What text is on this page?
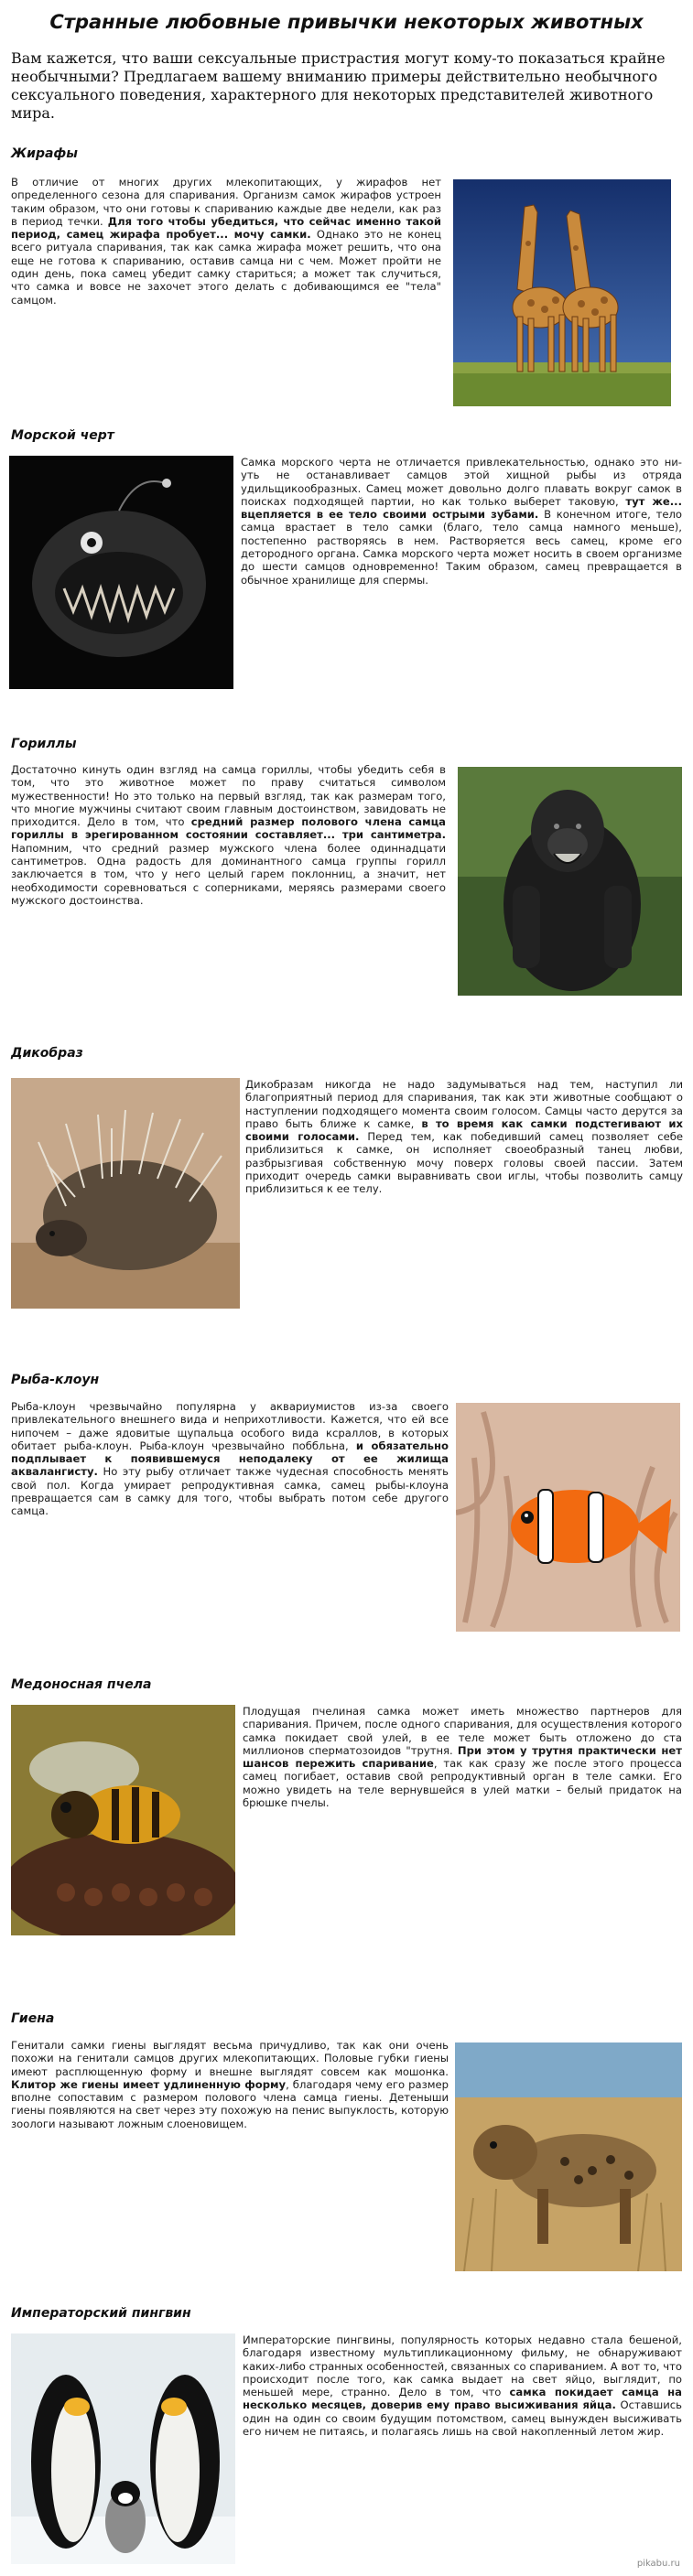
Странные любовные привычки некоторых животных
Вам кажется, что ваши сексуальные пристрастия могут кому-то показаться крайне необычными? Предлагаем вашему вниманию примеры действительно необычного сексуального поведения, характерного для некоторых представителей животного мира.
Жирафы
В отличие от многих других млекопитающих, у жирафов нет определенного сезона для спаривания. Организм самок жирафов устроен таким образом, что они готовы к спариванию каждые две недели, как раз в период течки. Для того чтобы убедиться, что сейчас именно такой период, самец жирафа пробует... мочу самки. Однако это не конец всего ритуала спаривания, так как самка жирафа может решить, что она еще не готова к спариванию, оставив самца ни с чем. Может пройти не один день, пока самец убедит самку стариться; а может так случиться, что самка и вовсе не захочет этого делать с добивающимся ее "тела" самцом.
Морской черт
Самка морского черта не отличается привлекательностью, однако это ни-уть не останавливает самцов этой хищной рыбы из отряда удильщикообразных. Самец может довольно долго плавать вокруг самок в поисках подходящей партии, но как только выберет таковую, тут же... вцепляется в ее тело своими острыми зубами. В конечном итоге, тело самца врастает в тело самки (благо, тело самца намного меньше), постепенно растворяясь в нем. Растворяется весь самец, кроме его детородного органа. Самка морского черта может носить в своем организме до шести самцов одновременно! Таким образом, самец превращается в обычное хранилище для спермы.
Гориллы
Достаточно кинуть один взгляд на самца гориллы, чтобы убедить себя в том, что это животное может по праву считаться символом мужественности! Но это только на первый взгляд, так как размерам того, что многие мужчины считают своим главным достоинством, завидовать не приходится. Дело в том, что средний размер полового члена самца гориллы в эрегированном состоянии составляет... три сантиметра. Напомним, что средний размер мужского члена более одиннадцати сантиметров. Одна радость для доминантного самца группы горилл заключается в том, что у него целый гарем поклонниц, а значит, нет необходимости соревноваться с соперниками, меряясь размерами своего мужского достоинства.
Дикобраз
Дикобразам никогда не надо задумываться над тем, наступил ли благоприятный период для спаривания, так как эти животные сообщают о наступлении подходящего момента своим голосом. Самцы часто дерутся за право быть ближе к самке, в то время как самки подстегивают их своими голосами. Перед тем, как победивший самец позволяет себе приблизиться к самке, он исполняет своеобразный танец любви, разбрызгивая собственную мочу поверх головы своей пассии. Затем приходит очередь самки выравнивать свои иглы, чтобы позволить самцу приблизиться к ее телу.
Рыба-клоун
Рыба-клоун чрезвычайно популярна у аквариумистов из-за своего привлекательного внешнего вида и неприхотливости. Кажется, что ей все нипочем – даже ядовитые щупальца особого вида ксраллов, в которых обитает рыба-клоун. Рыба-клоун чрезвычайно поббльна, и обязательно подплывает к появившемуся неподалеку от ее жилища аквалангисту. Но эту рыбу отличает также чудесная способность менять свой пол. Когда умирает репродуктивная самка, самец рыбы-клоуна превращается сам в самку для того, чтобы выбрать потом себе другого самца.
Медоносная пчела
Плодущая пчелиная самка может иметь множество партнеров для спаривания. Причем, после одного спаривания, для осуществления которого самка покидает свой улей, в ее теле может быть отложено до ста миллионов сперматозоидов "трутня. При этом у трутня практически нет шансов пережить спаривание, так как сразу же после этого процесса самец погибает, оставив свой репродуктивный орган в теле самки. Его можно увидеть на теле вернувшейся в улей матки – белый придаток на брюшке пчелы.
Гиена
Генитали самки гиены выглядят весьма причудливо, так как они очень похожи на генитали самцов других млекопитающих. Половые губки гиены имеют расплющенную форму и внешне выглядят совсем как мошонка. Клитор же гиены имеет удлиненную форму, благодаря чему его размер вполне сопоставим с размером полового члена самца гиены. Детеныши гиены появляются на свет через эту похожую на пенис выпуклость, которую зоологи называют ложным слоеновищем.
Императорский пингвин
Императорские пингвины, популярность которых недавно стала бешеной, благодаря известному мультипликационному фильму, не обнаруживают каких-либо странных особенностей, связанных со спариванием. А вот то, что происходит после того, как самка выдает на свет яйцо, выглядит, по меньшей мере, странно. Дело в том, что самка покидает самца на несколько месяцев, доверив ему право высиживания яйца. Оставшись один на один со своим будущим потомством, самец вынужден высиживать его ничем не питаясь, и полагаясь лишь на свой накопленный летом жир.
pikabu.ru
